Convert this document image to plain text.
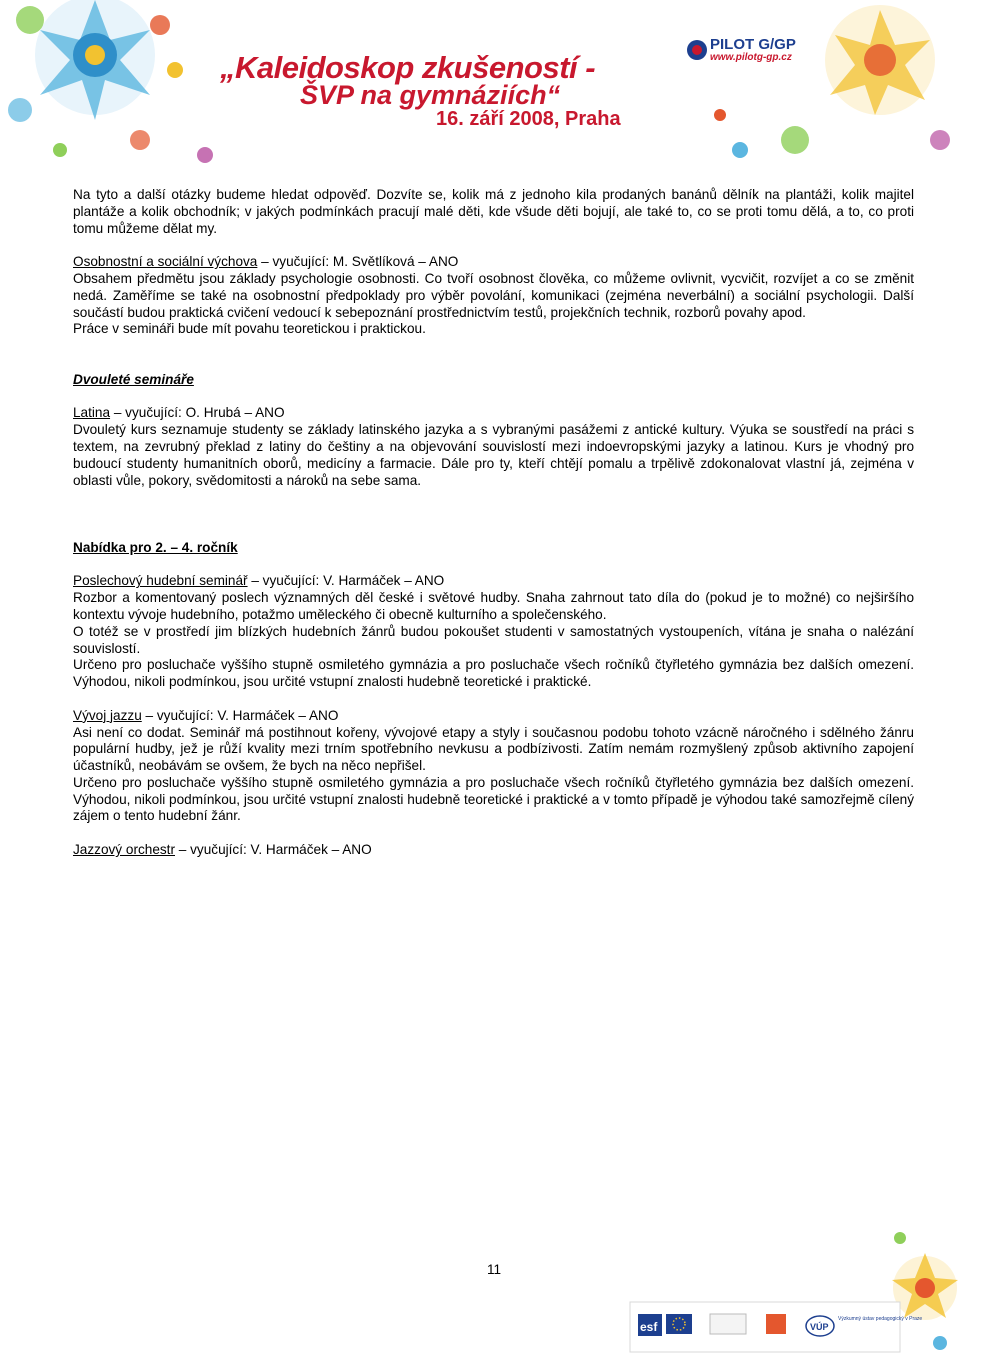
„Kaleidoskop zkušeností -
ŠVP na gymnáziích“
16. září 2008, Praha
PILOT G/GP
www.pilotg-gp.cz

Na tyto a další otázky budeme hledat odpověď. Dozvíte se, kolik má z jednoho kila prodaných banánů dělník na plantáži, kolik majitel plantáže a kolik obchodník; v jakých podmínkách pracují malé děti, kde všude děti bojují, ale také to, co se proti tomu dělá, a to, co proti tomu můžeme dělat my.

Osobnostní a sociální výchova – vyučující: M. Světlíková – ANO

Obsahem předmětu jsou základy psychologie osobnosti. Co tvoří osobnost člověka, co můžeme ovlivnit, vycvičit, rozvíjet a co se změnit nedá. Zaměříme se také na osobnostní předpoklady pro výběr povolání, komunikaci (zejména neverbální) a sociální psychologii. Další součástí budou praktická cvičení vedoucí k sebepoznání prostřednictvím testů, projekčních technik, rozborů povahy apod.

Práce v semináři bude mít povahu teoretickou i praktickou.

Dvouleté semináře

Latina – vyučující: O. Hrubá – ANO

Dvouletý kurs seznamuje studenty se základy latinského jazyka a s vybranými pasážemi z antické kultury. Výuka se soustředí na práci s textem, na zevrubný překlad z latiny do češtiny a na objevování souvislostí mezi indoevropskými jazyky a latinou. Kurs je vhodný pro budoucí studenty humanitních oborů, medicíny a farmacie. Dále pro ty, kteří chtějí pomalu a trpělivě zdokonalovat vlastní já, zejména v oblasti vůle, pokory, svědomitosti a nároků na sebe sama.

Nabídka pro 2. – 4. ročník

Poslechový hudební seminář – vyučující: V. Harmáček – ANO

Rozbor a komentovaný poslech významných děl české i světové hudby. Snaha zahrnout tato díla do (pokud je to možné) co nejširšího kontextu vývoje hudebního, potažmo uměleckého či obecně kulturního a společenského.

O totéž se v prostředí jim blízkých hudebních žánrů budou pokoušet studenti v samostatných vystoupeních, vítána je snaha o nalézání souvislostí.

Určeno pro posluchače vyššího stupně osmiletého gymnázia a pro posluchače všech ročníků čtyřletého gymnázia bez dalších omezení. Výhodou, nikoli podmínkou, jsou určité vstupní znalosti hudebně teoretické i praktické.

Vývoj jazzu – vyučující: V. Harmáček – ANO

Asi není co dodat. Seminář má postihnout kořeny, vývojové etapy a styly i současnou podobu tohoto vzácně náročného i sdělného žánru populární hudby, jež je růží kvality mezi trním spotřebního nevkusu a podbízivosti. Zatím nemám rozmyšlený způsob aktivního zapojení účastníků, neobávám se ovšem, že bych na něco nepřišel.

Určeno pro posluchače vyššího stupně osmiletého gymnázia a pro posluchače všech ročníků čtyřletého gymnázia bez dalších omezení. Výhodou, nikoli podmínkou, jsou určité vstupní znalosti hudebně teoretické i praktické a v tomto případě je výhodou také samozřejmě cílený zájem o tento hudební žánr.

Jazzový orchestr – vyučující: V. Harmáček – ANO

11
esf	VÚP
Výzkumný ústav pedagogický v Praze
